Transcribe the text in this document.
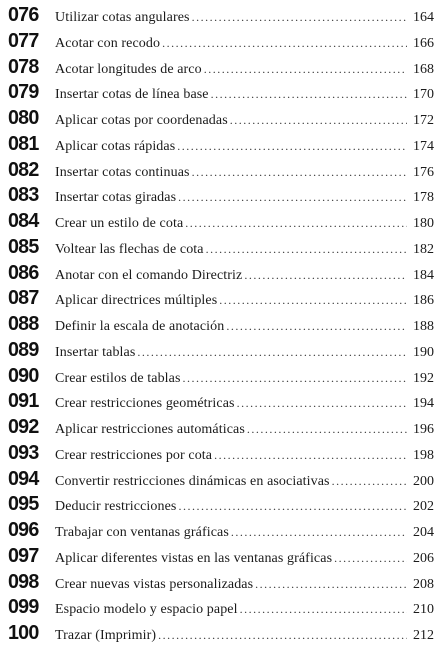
076	Utilizar cotas angulares .....	164
077	Acotar con recodo .....	166
078	Acotar longitudes de arco .....	168
079	Insertar cotas de línea base .....	170
080	Aplicar cotas por coordenadas .....	172
081	Aplicar cotas rápidas .....	174
082	Insertar cotas continuas .....	176
083	Insertar cotas giradas .....	178
084	Crear un estilo de cota .....	180
085	Voltear las flechas de cota .....	182
086	Anotar con el comando Directriz .....	184
087	Aplicar directrices múltiples .....	186
088	Definir la escala de anotación .....	188
089	Insertar tablas .....	190
090	Crear estilos de tablas .....	192
091	Crear restricciones geométricas .....	194
092	Aplicar restricciones automáticas .....	196
093	Crear restricciones por cota .....	198
094	Convertir restricciones dinámicas en asociativas .....	200
095	Deducir restricciones .....	202
096	Trabajar con ventanas gráficas .....	204
097	Aplicar diferentes vistas en las ventanas gráficas .....	206
098	Crear nuevas vistas personalizadas .....	208
099	Espacio modelo y espacio papel .....	210
100	Trazar (Imprimir) .....	212
